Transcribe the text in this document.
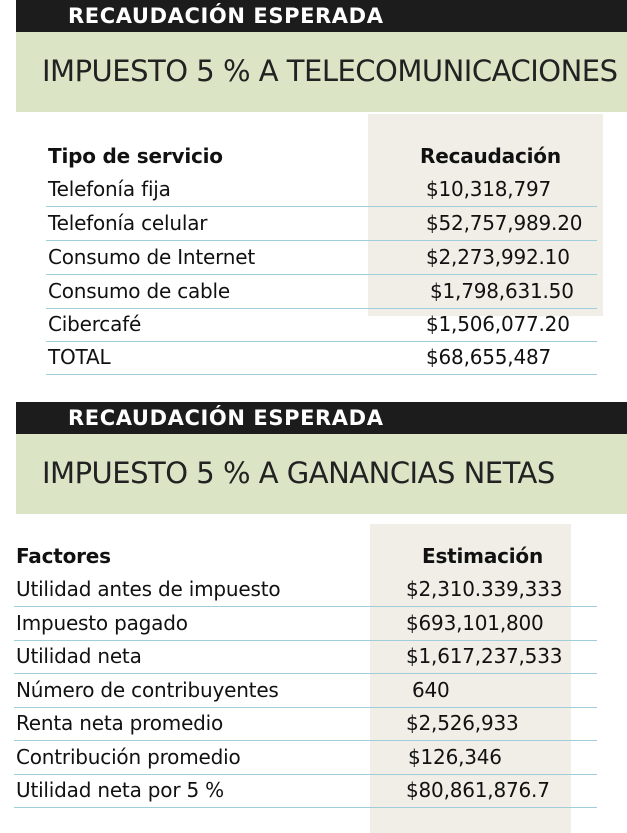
RECAUDACIÓN ESPERADA
IMPUESTO 5 % A TELECOMUNICACIONES
Tipo de servicio	Recaudación
Telefonía fija	$10,318,797
Telefonía celular	$52,757,989.20
Consumo de Internet	$2,273,992.10
Consumo de cable	$1,798,631.50
Cibercafé	$1,506,077.20
TOTAL	$68,655,487
RECAUDACIÓN ESPERADA
IMPUESTO 5 % A GANANCIAS NETAS
Factores	Estimación
Utilidad antes de impuesto	$2,310.339,333
Impuesto pagado	$693,101,800
Utilidad neta	$1,617,237,533
Número de contribuyentes	640
Renta neta promedio	$2,526,933
Contribución promedio	$126,346
Utilidad neta por 5 %	$80,861,876.7
